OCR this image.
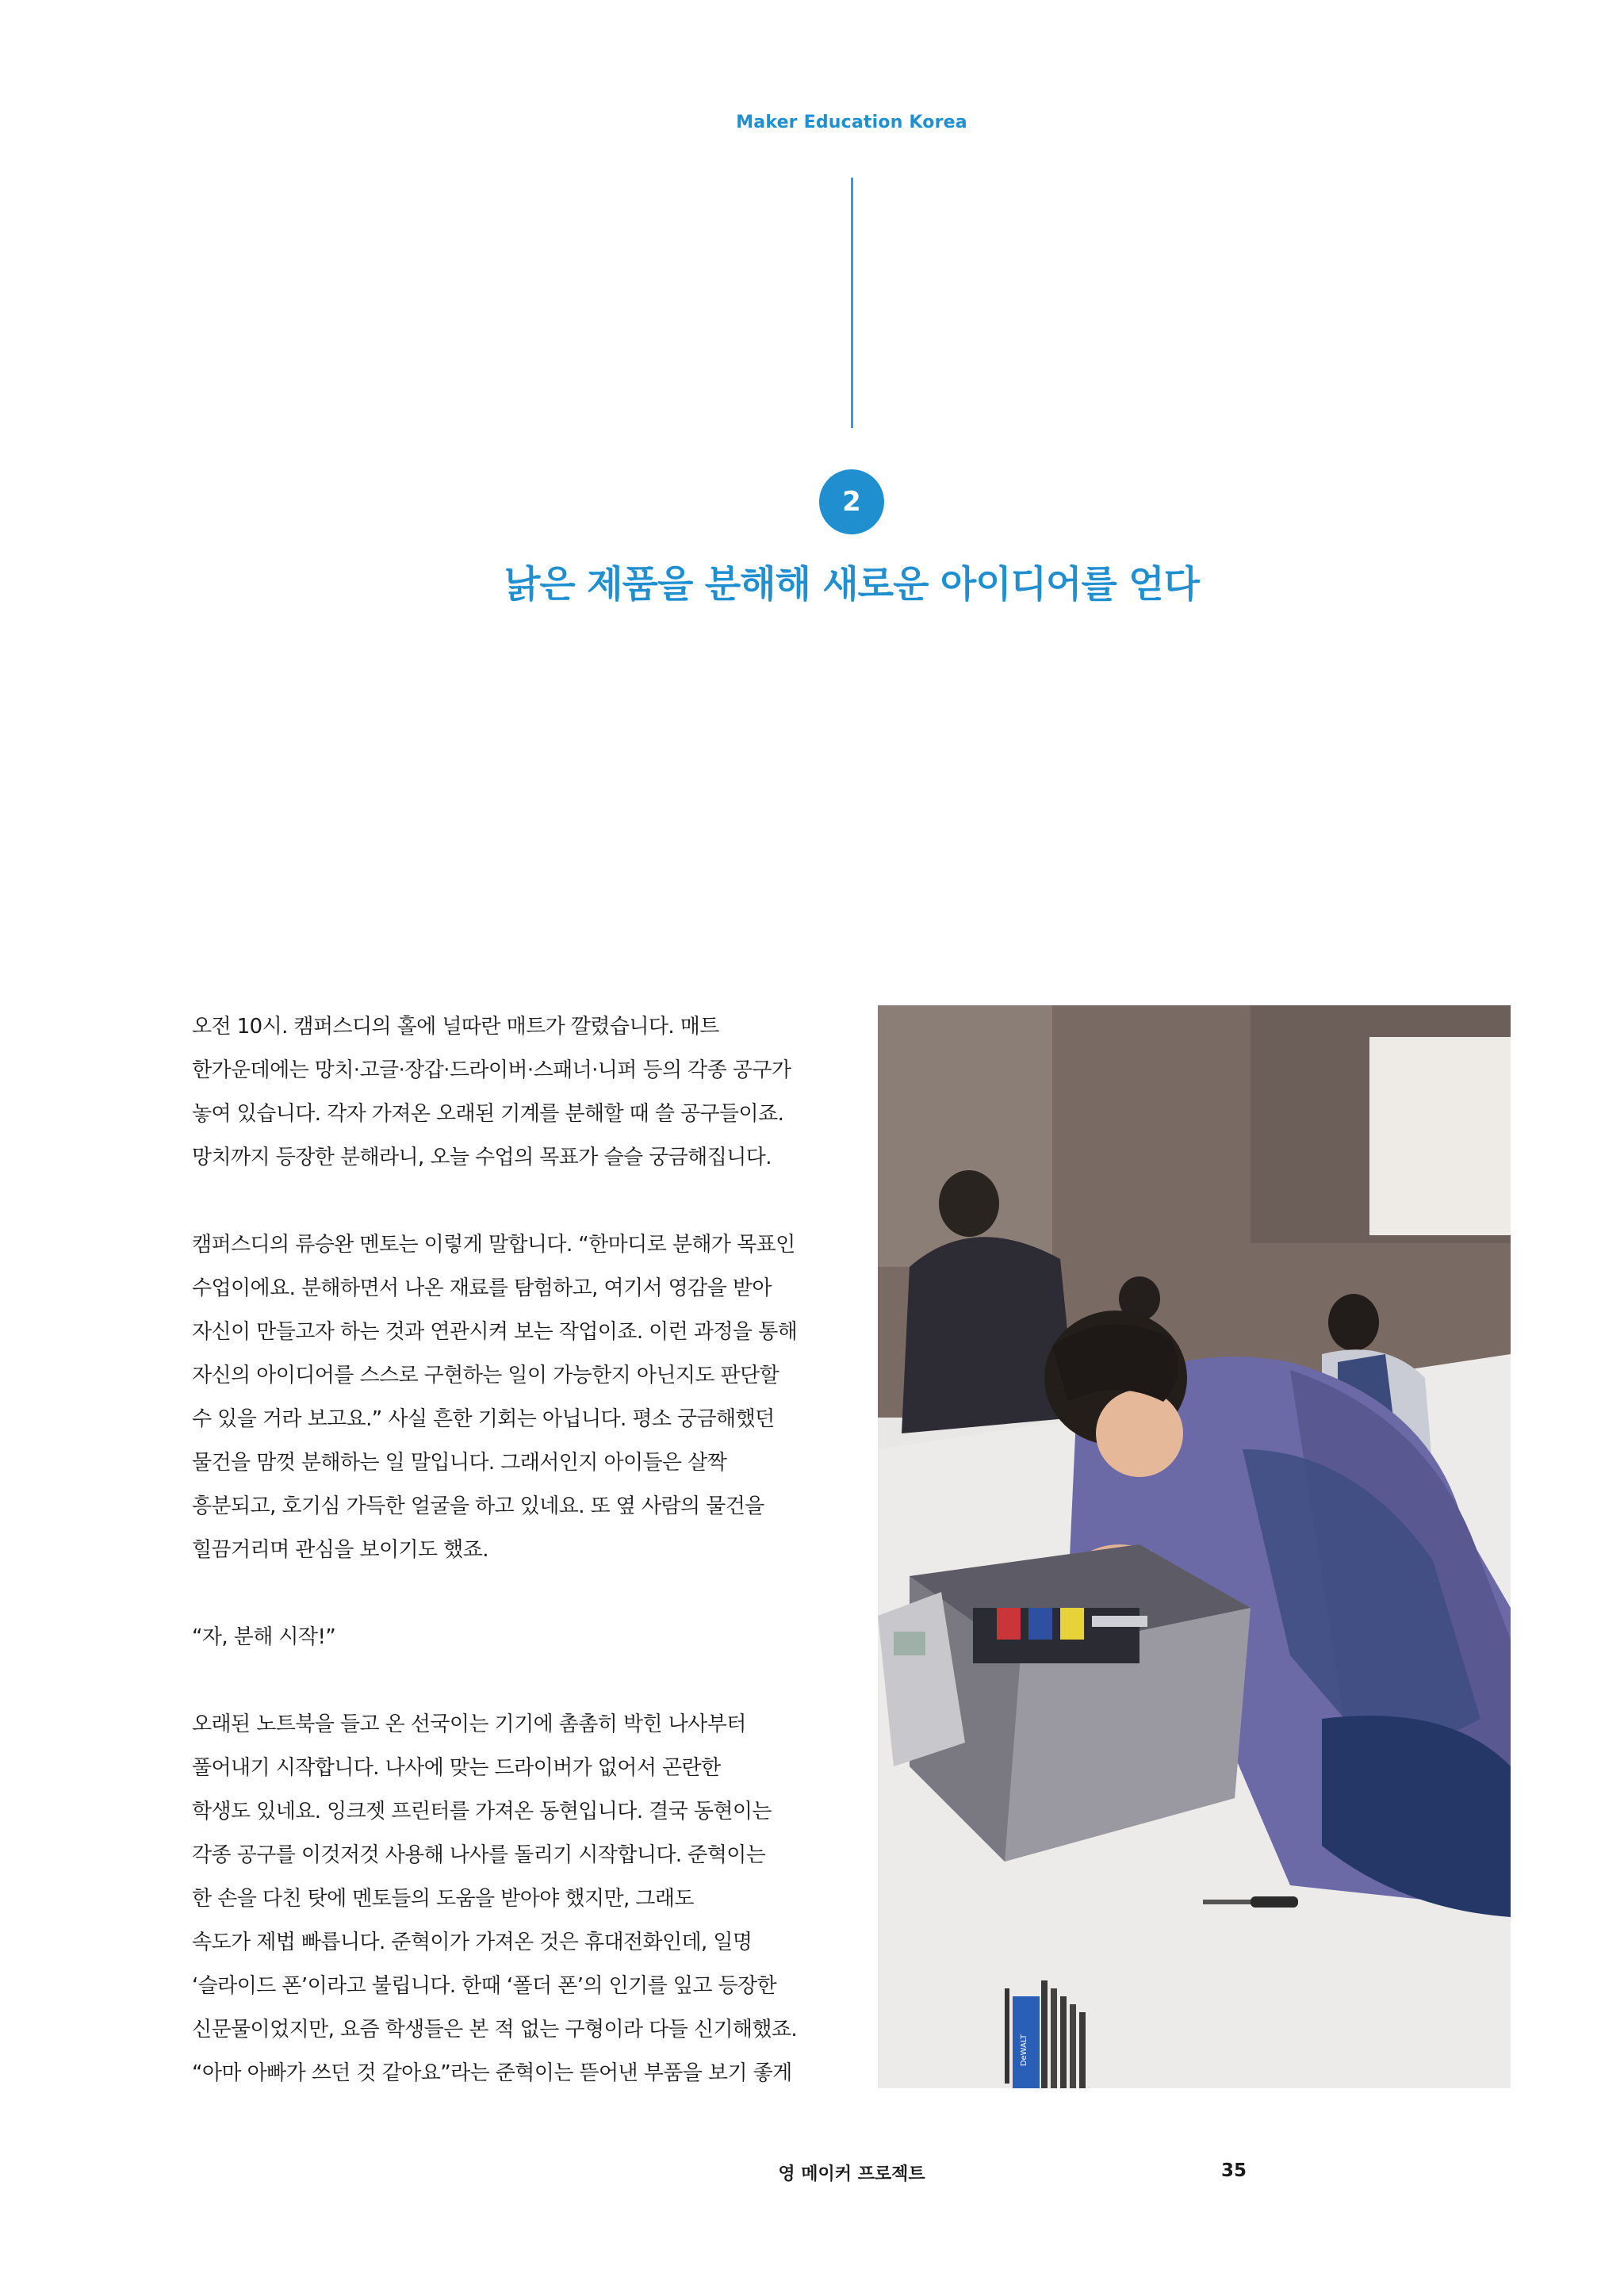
Maker Education Korea
2
낡은 제품을 분해해 새로운 아이디어를 얻다

오전 10시. 캠퍼스디의 홀에 널따란 매트가 깔렸습니다. 매트
한가운데에는 망치·고글·장갑·드라이버·스패너·니퍼 등의 각종 공구가
놓여 있습니다. 각자 가져온 오래된 기계를 분해할 때 쓸 공구들이죠.
망치까지 등장한 분해라니, 오늘 수업의 목표가 슬슬 궁금해집니다.

캠퍼스디의 류승완 멘토는 이렇게 말합니다. “한마디로 분해가 목표인
수업이에요. 분해하면서 나온 재료를 탐험하고, 여기서 영감을 받아
자신이 만들고자 하는 것과 연관시켜 보는 작업이죠. 이런 과정을 통해
자신의 아이디어를 스스로 구현하는 일이 가능한지 아닌지도 판단할
수 있을 거라 보고요.” 사실 흔한 기회는 아닙니다. 평소 궁금해했던
물건을 맘껏 분해하는 일 말입니다. 그래서인지 아이들은 살짝
흥분되고, 호기심 가득한 얼굴을 하고 있네요. 또 옆 사람의 물건을
힐끔거리며 관심을 보이기도 했죠.

“자, 분해 시작!”

오래된 노트북을 들고 온 선국이는 기기에 촘촘히 박힌 나사부터
풀어내기 시작합니다. 나사에 맞는 드라이버가 없어서 곤란한
학생도 있네요. 잉크젯 프린터를 가져온 동현입니다. 결국 동현이는
각종 공구를 이것저것 사용해 나사를 돌리기 시작합니다. 준혁이는
한 손을 다친 탓에 멘토들의 도움을 받아야 했지만, 그래도
속도가 제법 빠릅니다. 준혁이가 가져온 것은 휴대전화인데, 일명
‘슬라이드 폰’이라고 불립니다. 한때 ‘폴더 폰’의 인기를 잎고 등장한
신문물이었지만, 요즘 학생들은 본 적 없는 구형이라 다들 신기해했죠.
“아마 아빠가 쓰던 것 같아요”라는 준혁이는 뜯어낸 부품을 보기 좋게

DeWALT
영 메이커 프로젝트	35
